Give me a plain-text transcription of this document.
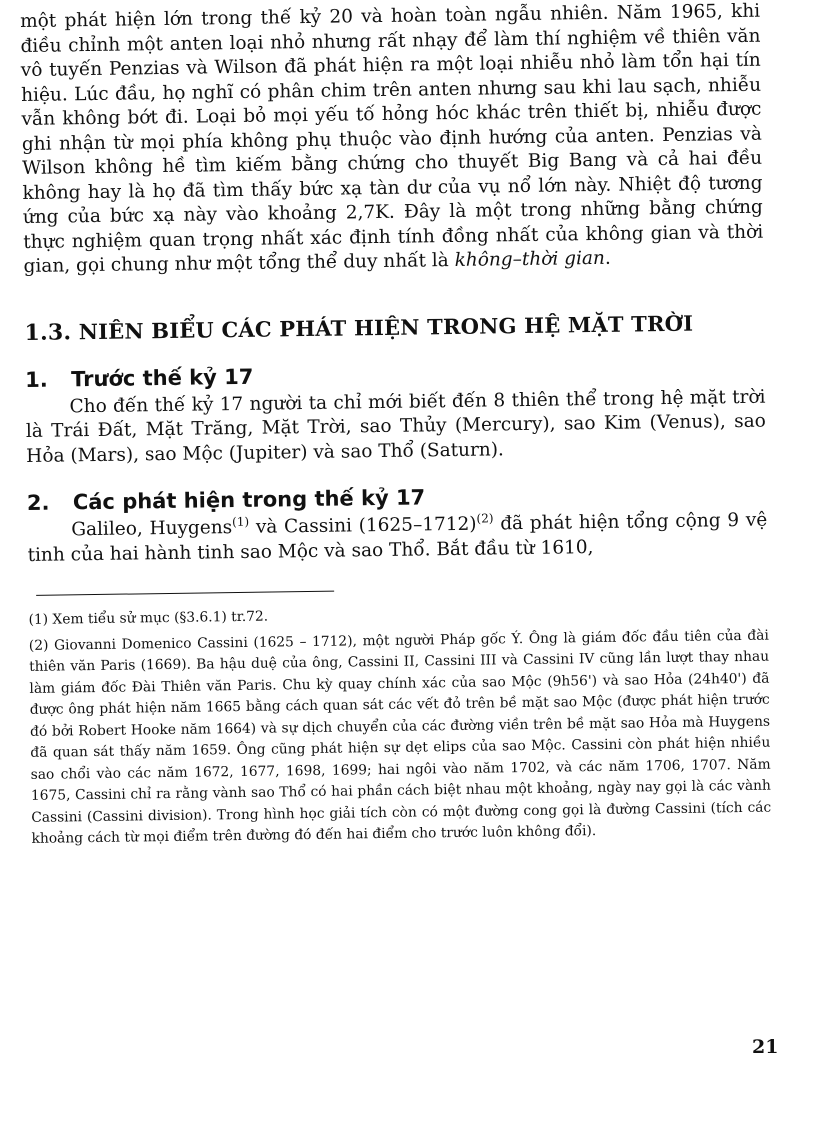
một phát hiện lớn trong thế kỷ 20 và hoàn toàn ngẫu nhiên. Năm 1965, khi điều chỉnh một anten loại nhỏ nhưng rất nhạy để làm thí nghiệm về thiên văn vô tuyến Penzias và Wilson đã phát hiện ra một loại nhiễu nhỏ làm tổn hại tín hiệu. Lúc đầu, họ nghĩ có phân chim trên anten nhưng sau khi lau sạch, nhiễu vẫn không bớt đi. Loại bỏ mọi yếu tố hỏng hóc khác trên thiết bị, nhiễu được ghi nhận từ mọi phía không phụ thuộc vào định hướng của anten. Penzias và Wilson không hề tìm kiếm bằng chứng cho thuyết Big Bang và cả hai đều không hay là họ đã tìm thấy bức xạ tàn dư của vụ nổ lớn này. Nhiệt độ tương ứng của bức xạ này vào khoảng 2,7K. Đây là một trong những bằng chứng thực nghiệm quan trọng nhất xác định tính đồng nhất của không gian và thời gian, gọi chung như một tổng thể duy nhất là không–thời gian.

1.3. NIÊN BIỂU CÁC PHÁT HIỆN TRONG HỆ MẶT TRỜI
1. Trước thế kỷ 17

Cho đến thế kỷ 17 người ta chỉ mới biết đến 8 thiên thể trong hệ mặt trời là Trái Đất, Mặt Trăng, Mặt Trời, sao Thủy (Mercury), sao Kim (Venus), sao Hỏa (Mars), sao Mộc (Jupiter) và sao Thổ (Saturn).

2. Các phát hiện trong thế kỷ 17

Galileo, Huygens$^{(1)}$ và Cassini (1625–1712)$^{(2)}$ đã phát hiện tổng cộng 9 vệ tinh của hai hành tinh sao Mộc và sao Thổ. Bắt đầu từ 1610,

(1) Xem tiểu sử mục (§3.6.1) tr.72.

(2) Giovanni Domenico Cassini (1625 – 1712), một người Pháp gốc Ý. Ông là giám đốc đầu tiên của đài thiên văn Paris (1669). Ba hậu duệ của ông, Cassini II, Cassini III và Cassini IV cũng lần lượt thay nhau làm giám đốc Đài Thiên văn Paris. Chu kỳ quay chính xác của sao Mộc (9h56') và sao Hỏa (24h40') đã được ông phát hiện năm 1665 bằng cách quan sát các vết đỏ trên bề mặt sao Mộc (được phát hiện trước đó bởi Robert Hooke năm 1664) và sự dịch chuyển của các đường viền trên bề mặt sao Hỏa mà Huygens đã quan sát thấy năm 1659. Ông cũng phát hiện sự dẹt elips của sao Mộc. Cassini còn phát hiện nhiều sao chổi vào các năm 1672, 1677, 1698, 1699; hai ngôi vào năm 1702, và các năm 1706, 1707. Năm 1675, Cassini chỉ ra rằng vành sao Thổ có hai phần cách biệt nhau một khoảng, ngày nay gọi là các vành Cassini (Cassini division). Trong hình học giải tích còn có một đường cong gọi là đường Cassini (tích các khoảng cách từ mọi điểm trên đường đó đến hai điểm cho trước luôn không đổi).

21
